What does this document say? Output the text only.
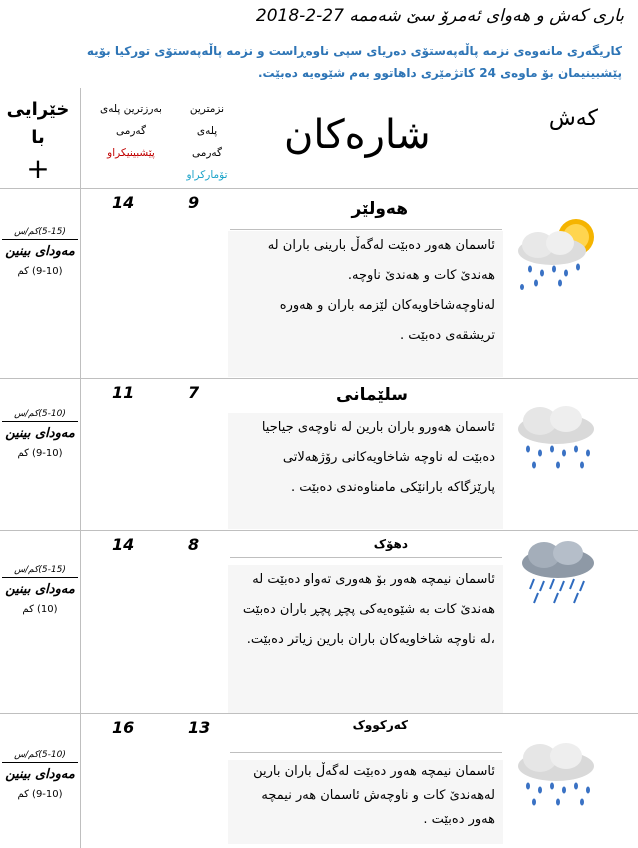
باری کەش و هەوای ئەمرۆ سێ شەممە 27-2-2018
کاریگەری مانەوەی نزمە پاڵەپەستۆی دەریای سپی ناوەڕاست و نزمە پاڵەپەستۆی تورکیا بۆیە پێشبینیمان بۆ ماوەی 24 کاتژمێری داهاتوو بەم شێوەیە دەبێت.
کەش
شارەکان
نزمترین پلەی گەرمی
تۆمارکراو
بەرزترین پلەی گەرمی
پێشبینیکراو
خێرایی با
+
14	9	هەولێر

ئاسمان هەور دەبێت لەگەڵ بارینی باران لە هەندێ کات و هەندێ ناوچە.

لەناوچەشاخاویەکان لێزمە باران و هەورە تریشقەی دەبێت .

(5-15)کم/س
مەودای بینین
(9-10) کم
11	7	سلێمانی

ئاسمان هەورو باران بارین لە ناوچەی جیاجیا دەبێت لە ناوچە شاخاویەکانی رۆژهەلاتی پارێزگاکە بارانێکی مامناوەندی دەبێت .

(5-10)کم/س
مەودای بینین
(9-10) کم
14	8	دهۆک

ئاسمان نیمچە هەور بۆ هەوری تەواو دەبێت لە هەندێ کات بە شێوەیەکی پچڕ پچڕ باران دەبێت ،لە ناوچە شاخاویەکان باران بارین زیاتر دەبێت.

(5-15)کم/س
مەودای بینین
(10) کم
16	13	کەرکووک

ئاسمان نیمچە هەور دەبێت لەگەڵ باران بارین لەهەندێ کات و ناوچەش ئاسمان هەر نیمچە هەور دەبێت .

(5-10)کم/س
مەودای بینین
(9-10) کم
